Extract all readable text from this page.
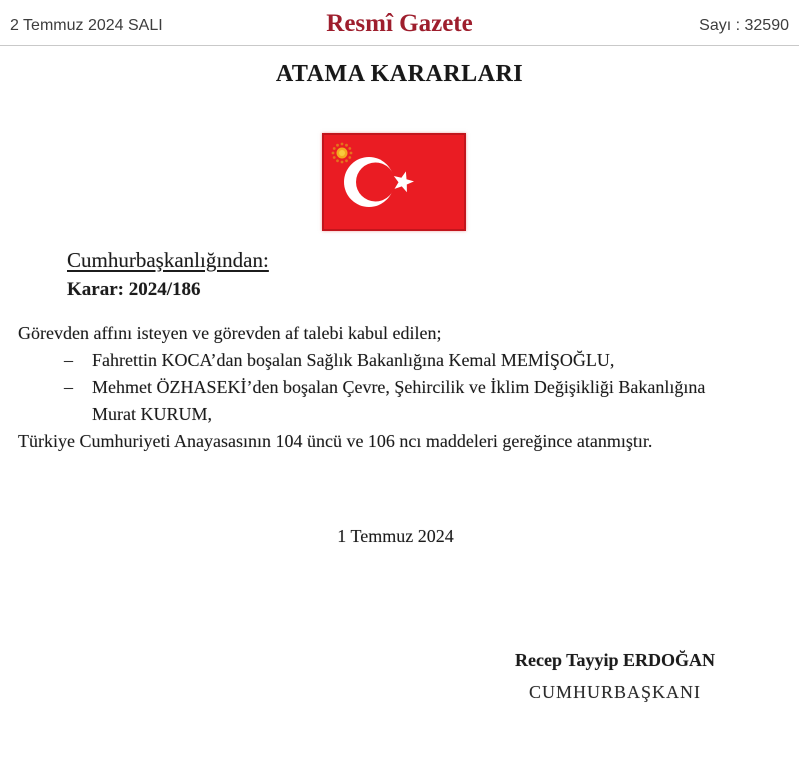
2 Temmuz 2024 SALI	Resmî Gazete	Sayı : 32590
ATAMA KARARLARI
Cumhurbaşkanlığından:
Karar: 2024/186
Görevden affını isteyen ve görevden af talebi kabul edilen;
–	Fahrettin KOCA’dan boşalan Sağlık Bakanlığına Kemal MEMİŞOĞLU,
–	Mehmet ÖZHASEKİ’den boşalan Çevre, Şehircilik ve İklim Değişikliği Bakanlığına
Murat KURUM,
Türkiye Cumhuriyeti Anayasasının 104 üncü ve 106 ncı maddeleri gereğince atanmıştır.
1 Temmuz 2024
Recep Tayyip ERDOĞAN
CUMHURBAŞKANI
